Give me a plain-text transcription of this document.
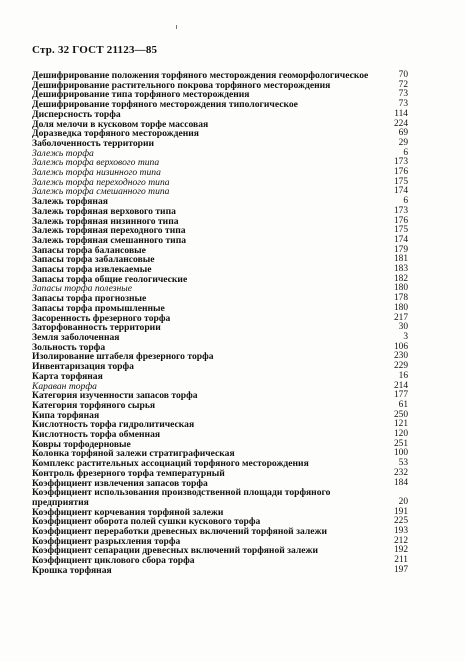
Стр. 32 ГОСТ 21123—85
Дешифрирование положения торфяного месторождения геоморфологическое	70
Дешифрирование растительного покрова торфяного месторождения	72
Дешифрирование типа торфяного месторождения	73
Дешифрирование торфяного месторождения типологическое	73
Дисперсность торфа	114
Доля мелочи в кусковом торфе массовая	224
Доразведка торфяного месторождения	69
Заболоченность территории	29
Залежь торфа	6
Залежь торфа верхового типа	173
Залежь торфа низинного типа	176
Залежь торфа переходного типа	175
Залежь торфа смешанного типа	174
Залежь торфяная	6
Залежь торфяная верхового типа	173
Залежь торфяная низинного типа	176
Залежь торфяная переходного типа	175
Залежь торфяная смешанного типа	174
Запасы торфа балансовые	179
Запасы торфа забалансовые	181
Запасы торфа извлекаемые	183
Запасы торфа общие геологические	182
Запасы торфа полезные	180
Запасы торфа прогнозные	178
Запасы торфа промышленные	180
Засоренность фрезерного торфа	217
Заторфованность территории	30
Земля заболоченная	3
Зольность торфа	106
Изолирование штабеля фрезерного торфа	230
Инвентаризация торфа	229
Карта торфяная	16
Караван торфа	214
Категория изученности запасов торфа	177
Категория торфяного сырья	61
Кипа торфяная	250
Кислотность торфа гидролитическая	121
Кислотность торфа обменная	120
Ковры торфодерновые	251
Колонка торфяной залежи стратиграфическая	100
Комплекс растительных ассоциаций торфяного месторождения	53
Контроль фрезерного торфа температурный	232
Коэффициент извлечения запасов торфа	184
Коэффициент использования производственной площади торфяного предприятия	20
Коэффициент корчевания торфяной залежи	191
Коэффициент оборота полей сушки кускового торфа	225
Коэффициент переработки древесных включений торфяной залежи	193
Коэффициент разрыхления торфа	212
Коэффициент сепарации древесных включений торфяной залежи	192
Коэффициент циклового сбора торфа	211
Крошка торфяная	197
